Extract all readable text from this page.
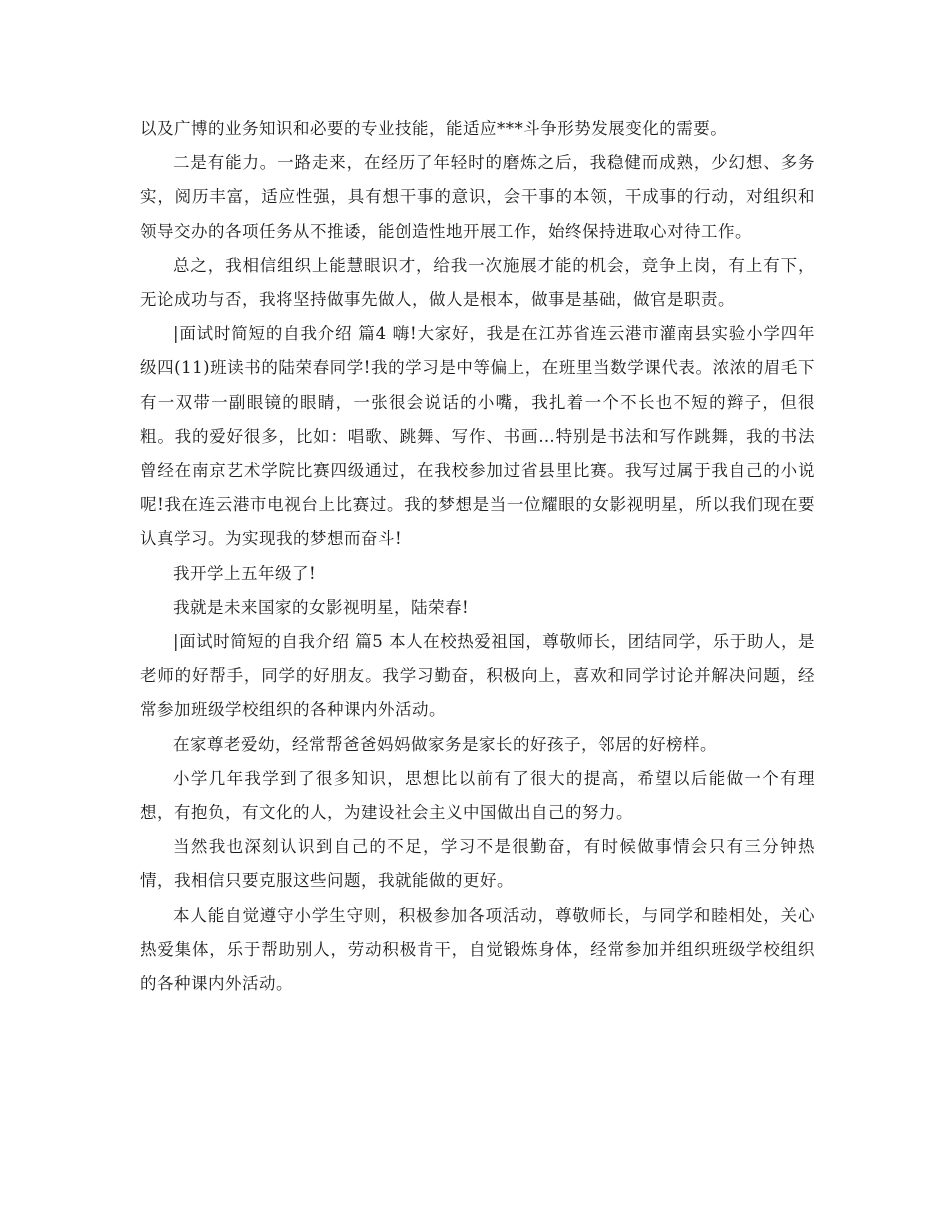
以及广博的业务知识和必要的专业技能，能适应***斗争形势发展变化的需要。

二是有能力。一路走来，在经历了年轻时的磨炼之后，我稳健而成熟，少幻想、多务实，阅历丰富，适应性强，具有想干事的意识，会干事的本领，干成事的行动，对组织和领导交办的各项任务从不推诿，能创造性地开展工作，始终保持进取心对待工作。

总之，我相信组织上能慧眼识才，给我一次施展才能的机会，竞争上岗，有上有下，无论成功与否，我将坚持做事先做人，做人是根本，做事是基础，做官是职责。

|面试时简短的自我介绍 篇4 嗨!大家好，我是在江苏省连云港市灌南县实验小学四年级四(11)班读书的陆荣春同学!我的学习是中等偏上，在班里当数学课代表。浓浓的眉毛下有一双带一副眼镜的眼睛，一张很会说话的小嘴，我扎着一个不长也不短的辫子，但很粗。我的爱好很多，比如：唱歌、跳舞、写作、书画…特别是书法和写作跳舞，我的书法曾经在南京艺术学院比赛四级通过，在我校参加过省县里比赛。我写过属于我自己的小说呢!我在连云港市电视台上比赛过。我的梦想是当一位耀眼的女影视明星，所以我们现在要认真学习。为实现我的梦想而奋斗!

我开学上五年级了!

我就是未来国家的女影视明星，陆荣春!

|面试时简短的自我介绍 篇5 本人在校热爱祖国，尊敬师长，团结同学，乐于助人，是老师的好帮手，同学的好朋友。我学习勤奋，积极向上，喜欢和同学讨论并解决问题，经常参加班级学校组织的各种课内外活动。

在家尊老爱幼，经常帮爸爸妈妈做家务是家长的好孩子，邻居的好榜样。

小学几年我学到了很多知识，思想比以前有了很大的提高，希望以后能做一个有理想，有抱负，有文化的人，为建设社会主义中国做出自己的努力。

当然我也深刻认识到自己的不足，学习不是很勤奋，有时候做事情会只有三分钟热情，我相信只要克服这些问题，我就能做的更好。

本人能自觉遵守小学生守则，积极参加各项活动，尊敬师长，与同学和睦相处，关心热爱集体，乐于帮助别人，劳动积极肯干，自觉锻炼身体，经常参加并组织班级学校组织的各种课内外活动。
